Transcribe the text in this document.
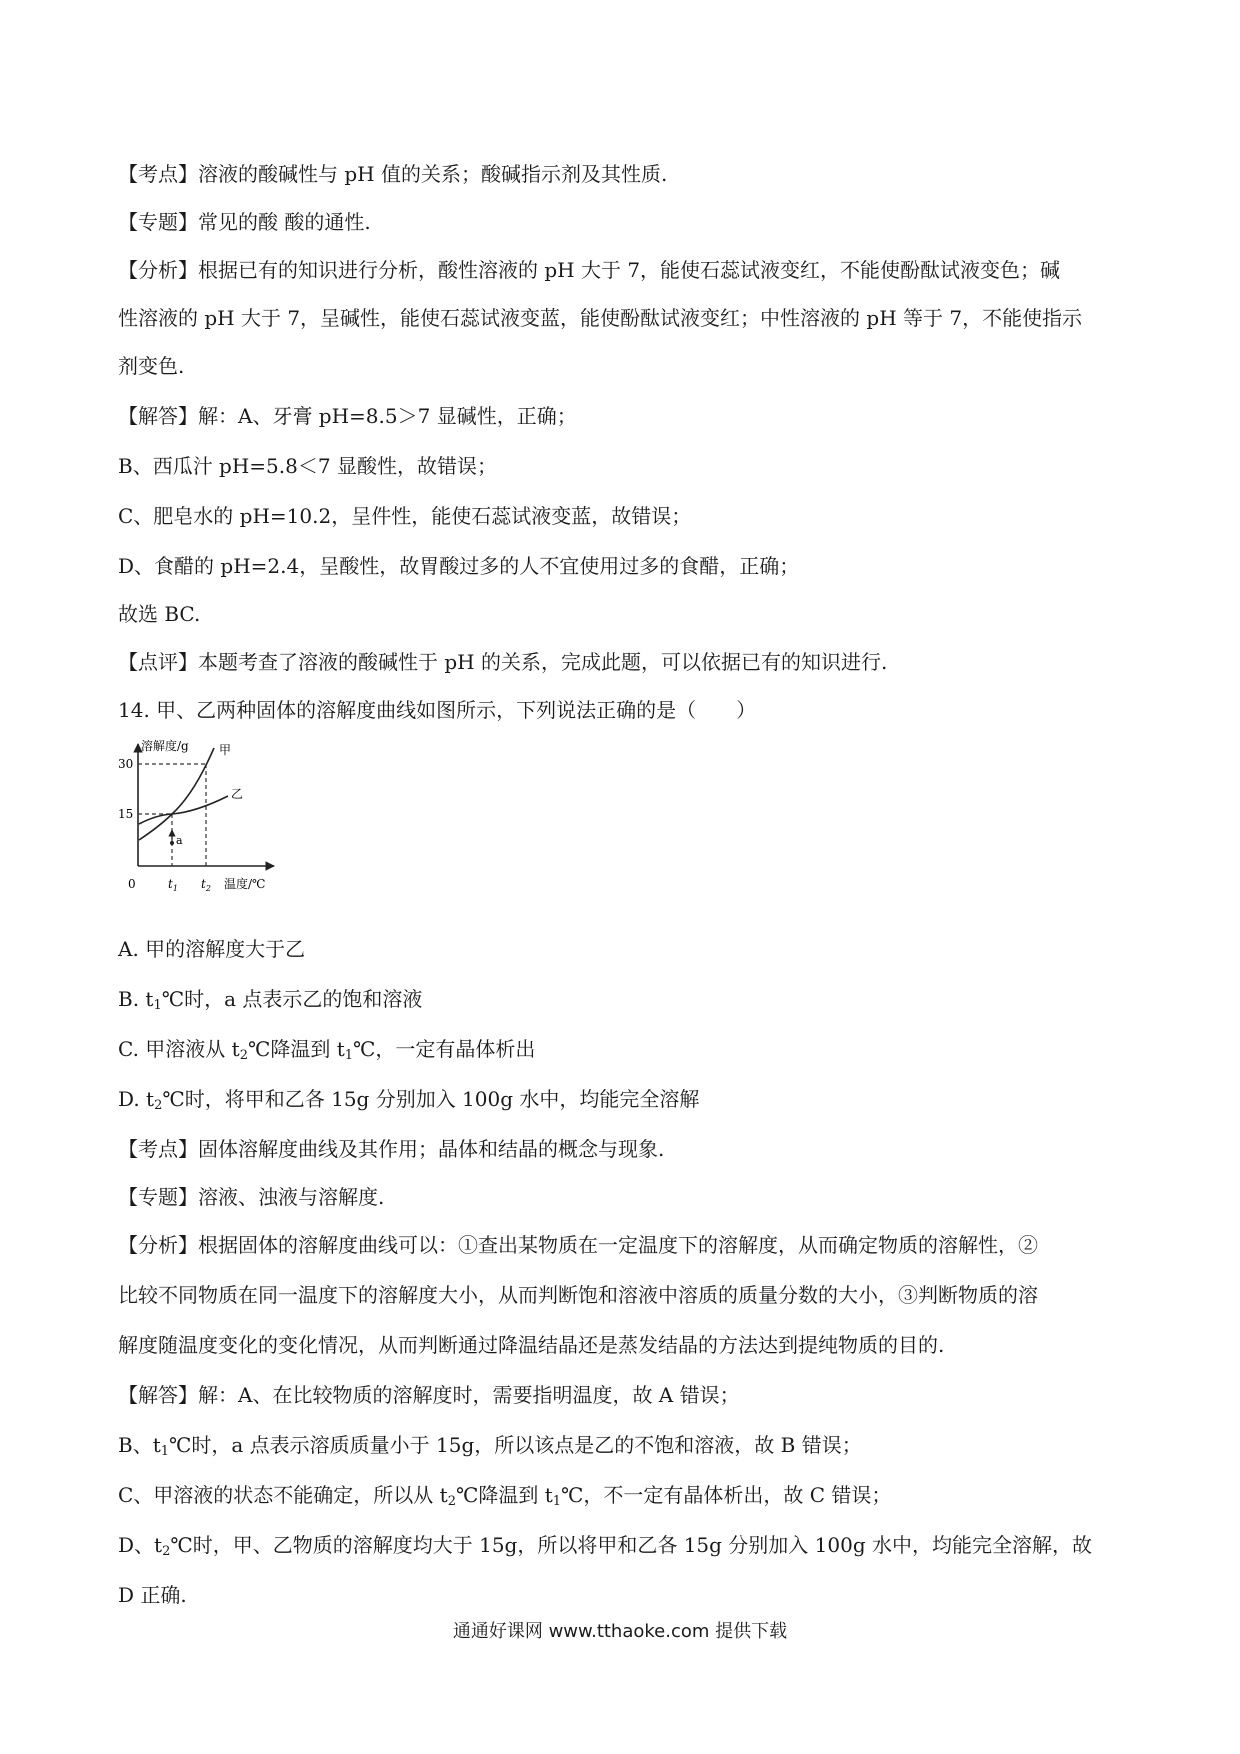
【考点】溶液的酸碱性与 pH 值的关系；酸碱指示剂及其性质.
【专题】常见的酸 酸的通性.
【分析】根据已有的知识进行分析，酸性溶液的 pH 大于 7，能使石蕊试液变红，不能使酚酞试液变色；碱
性溶液的 pH 大于 7，呈碱性，能使石蕊试液变蓝，能使酚酞试液变红；中性溶液的 pH 等于 7，不能使指示
剂变色.
【解答】解：A、牙膏 pH=8.5＞7 显碱性，正确；
B、西瓜汁 pH=5.8＜7 显酸性，故错误；
C、肥皂水的 pH=10.2，呈件性，能使石蕊试液变蓝，故错误；
D、食醋的 pH=2.4，呈酸性，故胃酸过多的人不宜使用过多的食醋，正确；
故选 BC.
【点评】本题考查了溶液的酸碱性于 pH 的关系，完成此题，可以依据已有的知识进行.
14. 甲、乙两种固体的溶解度曲线如图所示，下列说法正确的是（　　）
a
溶解度/g	甲
乙
30
15
0	$t_1$ $t_2$ 温度/℃
A. 甲的溶解度大于乙
B. $t_1℃$时，a 点表示乙的饱和溶液
C. 甲溶液从 $t_2℃$降温到 $t_1℃$，一定有晶体析出
D. $t_2℃$时，将甲和乙各 15g 分别加入 100g 水中，均能完全溶解
【考点】固体溶解度曲线及其作用；晶体和结晶的概念与现象.
【专题】溶液、浊液与溶解度.
【分析】根据固体的溶解度曲线可以：①查出某物质在一定温度下的溶解度，从而确定物质的溶解性，②
比较不同物质在同一温度下的溶解度大小，从而判断饱和溶液中溶质的质量分数的大小，③判断物质的溶
解度随温度变化的变化情况，从而判断通过降温结晶还是蒸发结晶的方法达到提纯物质的目的.
【解答】解：A、在比较物质的溶解度时，需要指明温度，故 A 错误；
B、$t_1℃$时，a 点表示溶质质量小于 15g，所以该点是乙的不饱和溶液，故 B 错误；
C、甲溶液的状态不能确定，所以从 $t_2℃$降温到 $t_1℃$，不一定有晶体析出，故 C 错误；
D、$t_2℃$时，甲、乙物质的溶解度均大于 15g，所以将甲和乙各 15g 分别加入 100g 水中，均能完全溶解，故
D 正确.
通通好课网 www.tthaoke.com 提供下载
